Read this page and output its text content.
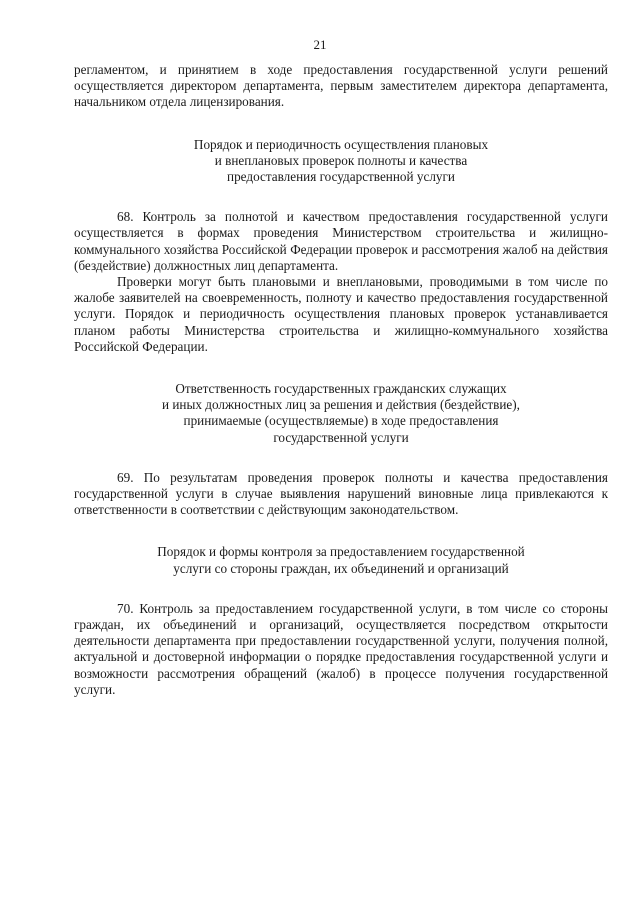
21

регламентом, и принятием в ходе предоставления государственной услуги решений осуществляется директором департамента, первым заместителем директора департамента, начальником отдела лицензирования.

Порядок и периодичность осуществления плановых
и внеплановых проверок полноты и качества
предоставления государственной услуги

68. Контроль за полнотой и качеством предоставления государственной услуги осуществляется в формах проведения Министерством строительства и жилищно-коммунального хозяйства Российской Федерации проверок и рассмотрения жалоб на действия (бездействие) должностных лиц департамента.

Проверки могут быть плановыми и внеплановыми, проводимыми в том числе по жалобе заявителей на своевременность, полноту и качество предоставления государственной услуги. Порядок и периодичность осуществления плановых проверок устанавливается планом работы Министерства строительства и жилищно-коммунального хозяйства Российской Федерации.

Ответственность государственных гражданских служащих
и иных должностных лиц за решения и действия (бездействие),
принимаемые (осуществляемые) в ходе предоставления
государственной услуги

69. По результатам проведения проверок полноты и качества предоставления государственной услуги в случае выявления нарушений виновные лица привлекаются к ответственности в соответствии с действующим законодательством.

Порядок и формы контроля за предоставлением государственной
услуги со стороны граждан, их объединений и организаций

70. Контроль за предоставлением государственной услуги, в том числе со стороны граждан, их объединений и организаций, осуществляется посредством открытости деятельности департамента при предоставлении государственной услуги, получения полной, актуальной и достоверной информации о порядке предоставления государственной услуги и возможности рассмотрения обращений (жалоб) в процессе получения государственной услуги.
